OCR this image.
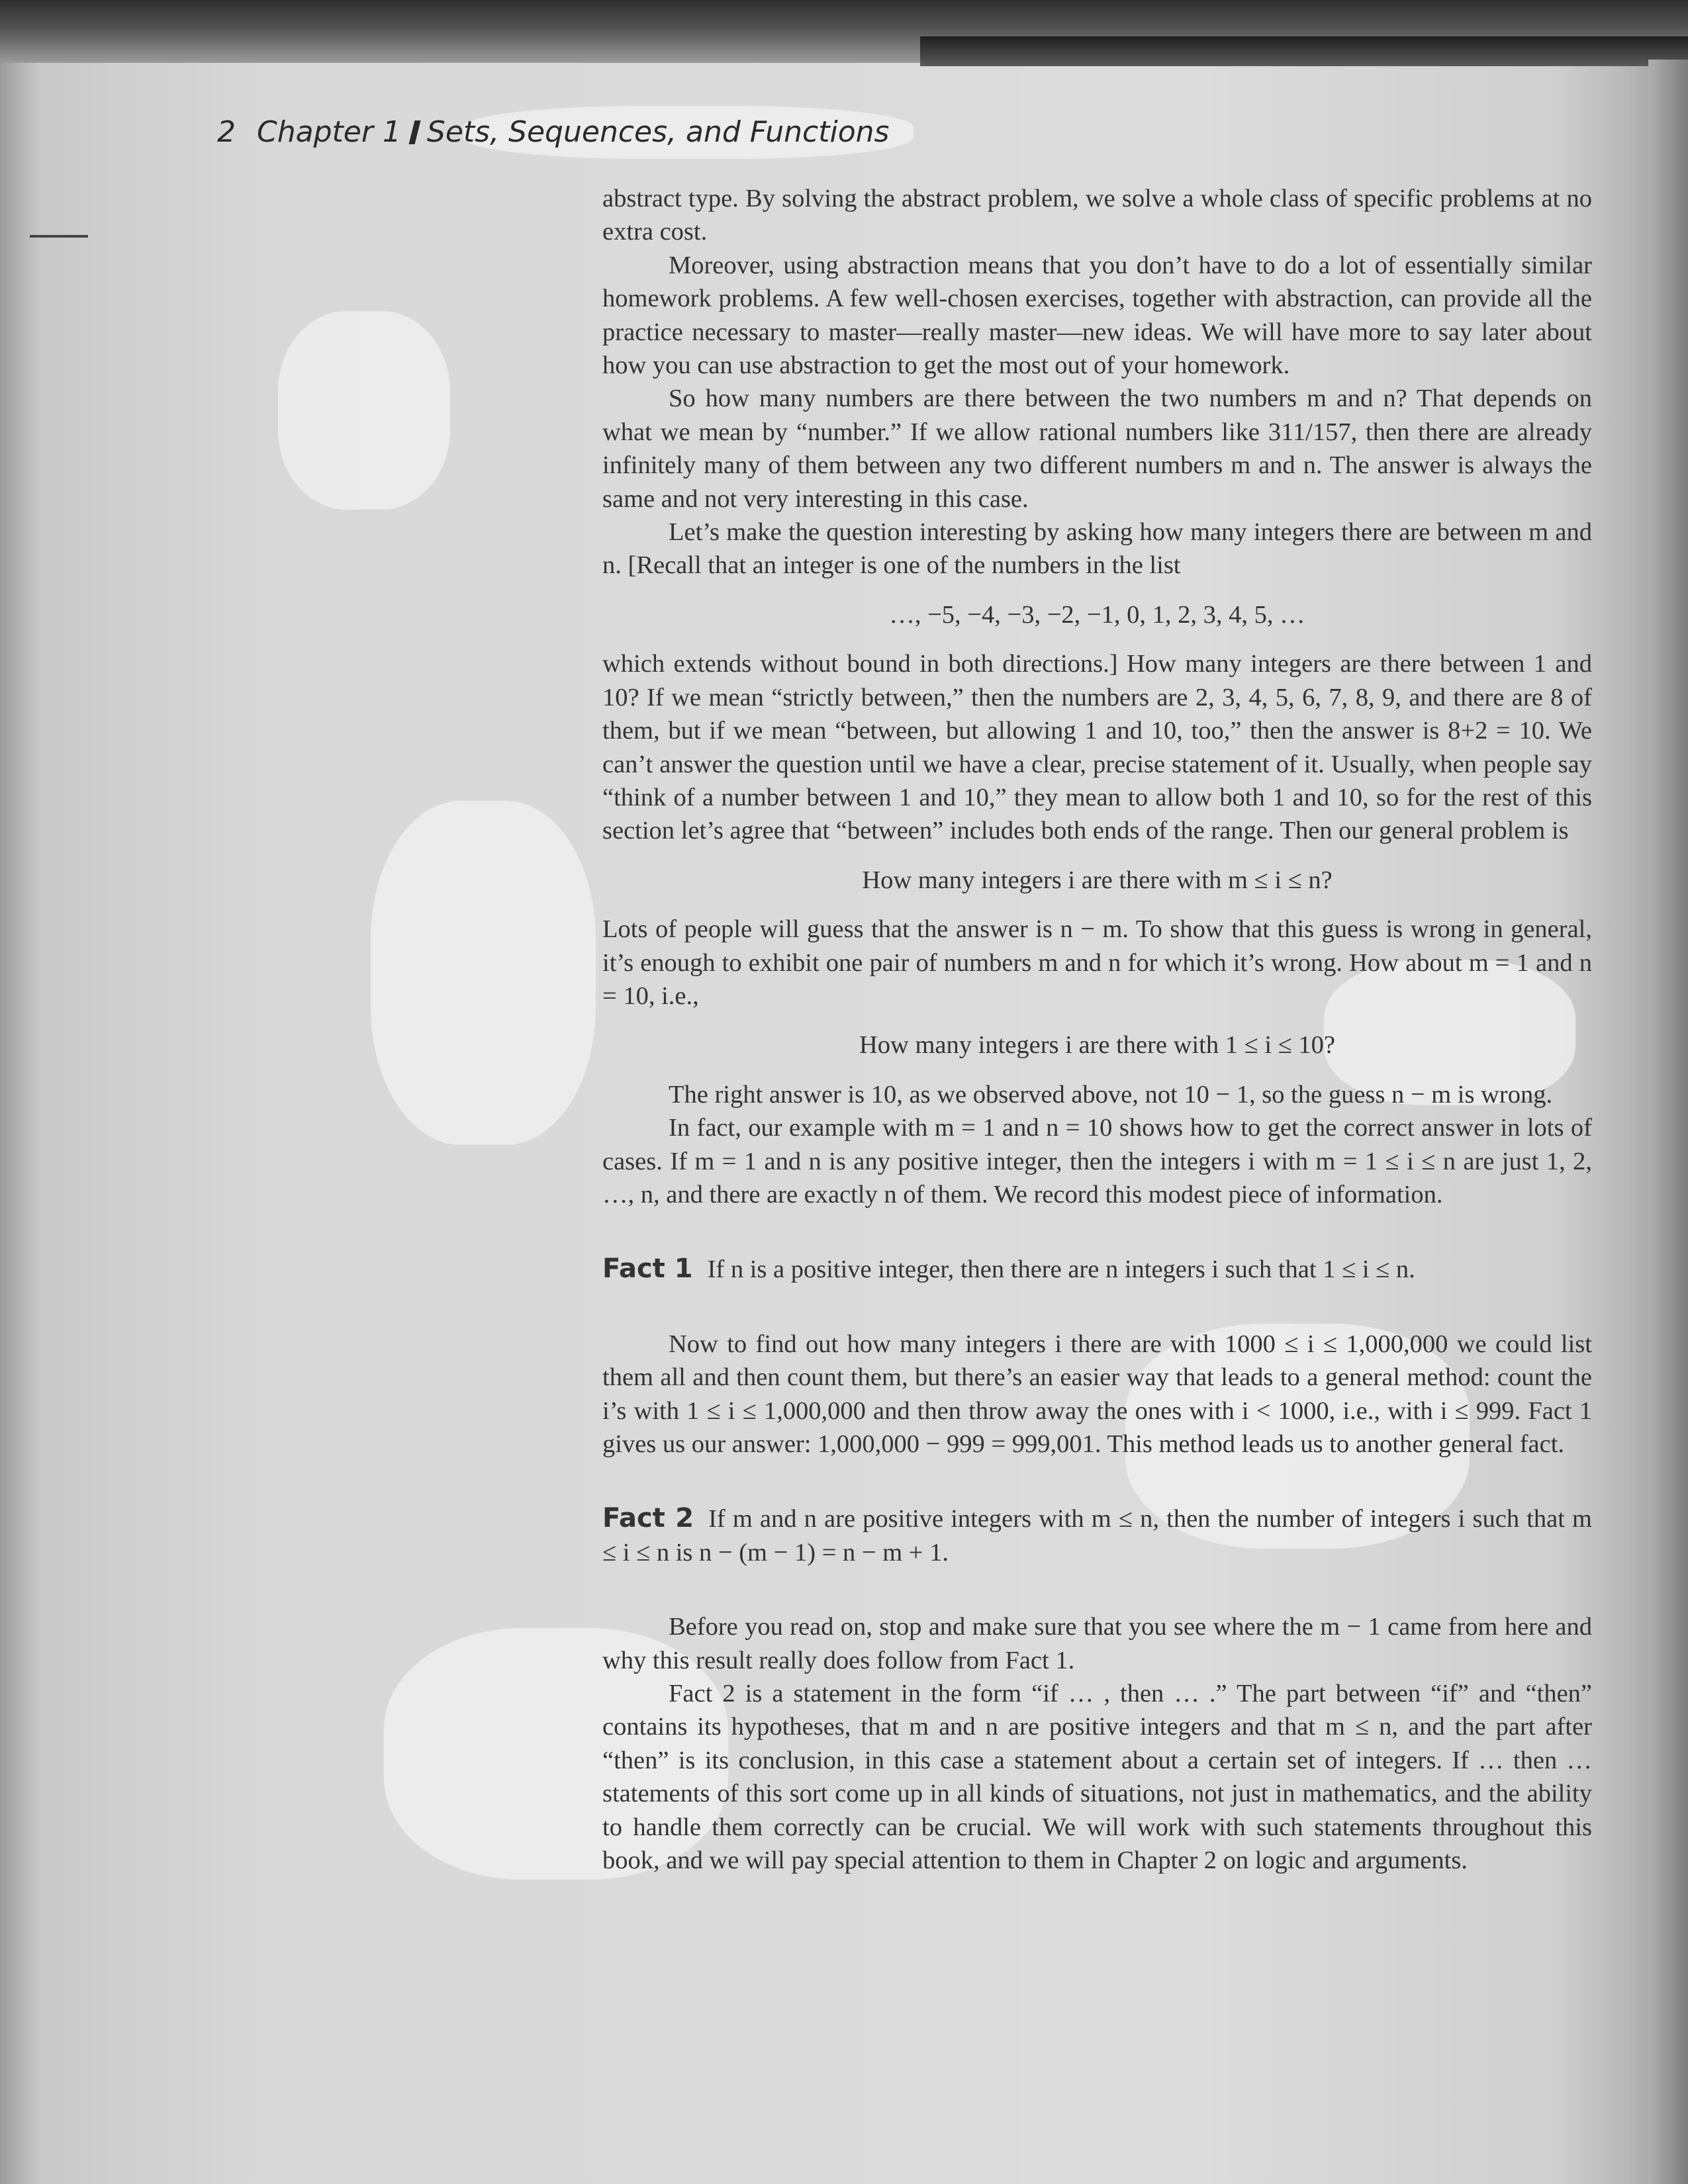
2 Chapter 1 Sets, Sequences, and Functions

abstract type. By solving the abstract problem, we solve a whole class of specific problems at no extra cost.

Moreover, using abstraction means that you don’t have to do a lot of essentially similar homework problems. A few well-chosen exercises, together with abstraction, can provide all the practice necessary to master—really master—new ideas. We will have more to say later about how you can use abstraction to get the most out of your homework.

So how many numbers are there between the two numbers m and n? That depends on what we mean by “number.” If we allow rational numbers like 311/157, then there are already infinitely many of them between any two different numbers m and n. The answer is always the same and not very interesting in this case.

Let’s make the question interesting by asking how many integers there are between m and n. [Recall that an integer is one of the numbers in the list

…, −5, −4, −3, −2, −1, 0, 1, 2, 3, 4, 5, …

which extends without bound in both directions.] How many integers are there between 1 and 10? If we mean “strictly between,” then the numbers are 2, 3, 4, 5, 6, 7, 8, 9, and there are 8 of them, but if we mean “between, but allowing 1 and 10, too,” then the answer is 8+2 = 10. We can’t answer the question until we have a clear, precise statement of it. Usually, when people say “think of a number between 1 and 10,” they mean to allow both 1 and 10, so for the rest of this section let’s agree that “between” includes both ends of the range. Then our general problem is

How many integers i are there with m ≤ i ≤ n?

Lots of people will guess that the answer is n − m. To show that this guess is wrong in general, it’s enough to exhibit one pair of numbers m and n for which it’s wrong. How about m = 1 and n = 10, i.e.,

How many integers i are there with 1 ≤ i ≤ 10?

The right answer is 10, as we observed above, not 10 − 1, so the guess n − m is wrong.

In fact, our example with m = 1 and n = 10 shows how to get the correct answer in lots of cases. If m = 1 and n is any positive integer, then the integers i with m = 1 ≤ i ≤ n are just 1, 2, …, n, and there are exactly n of them. We record this modest piece of information.

Fact 1 If n is a positive integer, then there are n integers i such that 1 ≤ i ≤ n.

Now to find out how many integers i there are with 1000 ≤ i ≤ 1,000,000 we could list them all and then count them, but there’s an easier way that leads to a general method: count the i’s with 1 ≤ i ≤ 1,000,000 and then throw away the ones with i < 1000, i.e., with i ≤ 999. Fact 1 gives us our answer: 1,000,000 − 999 = 999,001. This method leads us to another general fact.

Fact 2 If m and n are positive integers with m ≤ n, then the number of integers i such that m ≤ i ≤ n is n − (m − 1) = n − m + 1.

Before you read on, stop and make sure that you see where the m − 1 came from here and why this result really does follow from Fact 1.

Fact 2 is a statement in the form “if … , then … .” The part between “if” and “then” contains its hypotheses, that m and n are positive integers and that m ≤ n, and the part after “then” is its conclusion, in this case a statement about a certain set of integers. If … then … statements of this sort come up in all kinds of situations, not just in mathematics, and the ability to handle them correctly can be crucial. We will work with such statements throughout this book, and we will pay special attention to them in Chapter 2 on logic and arguments.
